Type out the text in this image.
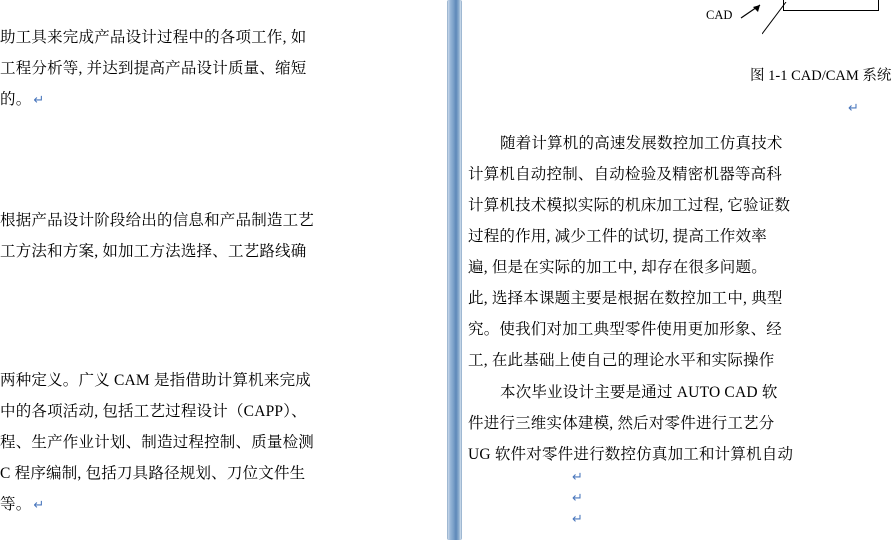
助工具来完成产品设计过程中的各项工作, 如
工程分析等, 并达到提高产品设计质量、缩短
的。 ↵
根据产品设计阶段给出的信息和产品制造工艺
工方法和方案, 如加工方法选择、工艺路线确
两种定义。广义 CAM 是指借助计算机来完成
中的各项活动, 包括工艺过程设计（CAPP）、
程、生产作业计划、制造过程控制、质量检测
C 程序编制, 包括刀具路径规划、刀位文件生
等。 ↵
CAD
图 1-1 CAD/CAM 系统
↵
随着计算机的高速发展数控加工仿真技术
计算机自动控制、自动检验及精密机器等高科
计算机技术模拟实际的机床加工过程, 它验证数
过程的作用, 减少工件的试切, 提高工作效率
遍, 但是在实际的加工中, 却存在很多问题。
此, 选择本课题主要是根据在数控加工中, 典型
究。使我们对加工典型零件使用更加形象、经
工, 在此基础上使自己的理论水平和实际操作
本次毕业设计主要是通过 AUTO CAD 软
件进行三维实体建模, 然后对零件进行工艺分
UG 软件对零件进行数控仿真加工和计算机自动
↵
↵
↵
